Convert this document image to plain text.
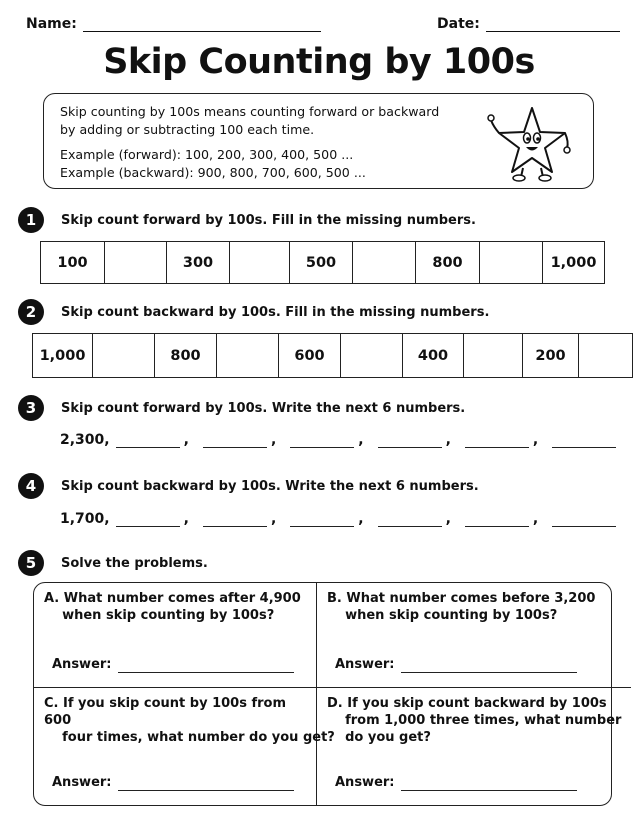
Name:	Date:
Skip Counting by 100s

Skip counting by 100s means counting forward or backward

by adding or subtracting 100 each time.

Example (forward): 100, 200, 300, 400, 500 ...

Example (backward): 900, 800, 700, 600, 500 ...

1	Skip count forward by 100s. Fill in the missing numbers.
100	300	500	800	1,000
2	Skip count backward by 100s. Fill in the missing numbers.
1,000	800	600	400	200
3	Skip count forward by 100s. Write the next 6 numbers.
2,300,	,	,	,	,	,
4	Skip count backward by 100s. Write the next 6 numbers.
1,700,	,	,	,	,	,
5	Solve the problems.
A. What number comes after 4,900
when skip counting by 100s?
Answer:
B. What number comes before 3,200
when skip counting by 100s?
Answer:
C. If you skip count by 100s from 600
four times, what number do you get?
Answer:
D. If you skip count backward by 100s
from 1,000 three times, what number
do you get?
Answer:
